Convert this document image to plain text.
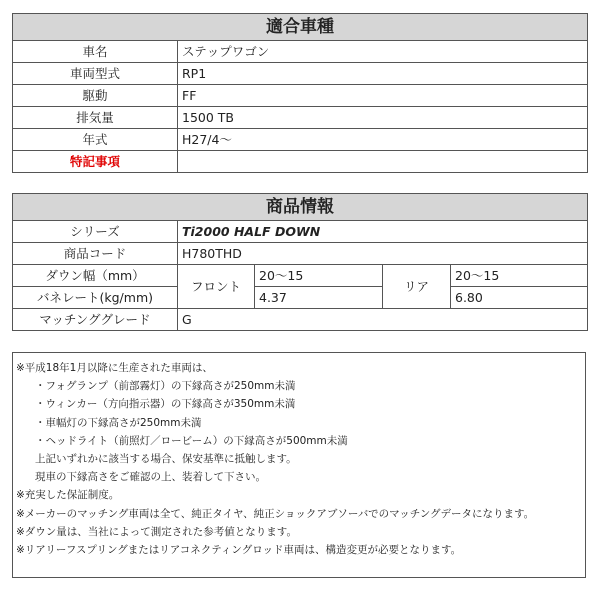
適合車種	
車名	ステップワゴン
車両型式	RP1
駆動	FF
排気量	1500 TB
年式	H27/4～
特記事項	
商品情報				
シリーズ	Ti2000 HALF DOWN			
商品コード	H780THD			
ダウン幅（mm）	フロント	20～15	リア	20～15
バネレート(kg/mm)		4.37		6.80
マッチンググレード	G			
※平成18年1月以降に生産された車両は、
・フォグランプ（前部霧灯）の下縁高さが250mm未満
・ウィンカー（方向指示器）の下縁高さが350mm未満
・車幅灯の下縁高さが250mm未満
・ヘッドライト（前照灯／ロービーム）の下縁高さが500mm未満
上記いずれかに該当する場合、保安基準に抵触します。
現車の下縁高さをご確認の上、装着して下さい。
※充実した保証制度。
※メーカーのマッチング車両は全て、純正タイヤ、純正ショックアブソーバでのマッチングデータになります。
※ダウン量は、当社によって測定された参考値となります。
※リアリーフスプリングまたはリアコネクティングロッド車両は、構造変更が必要となります。
